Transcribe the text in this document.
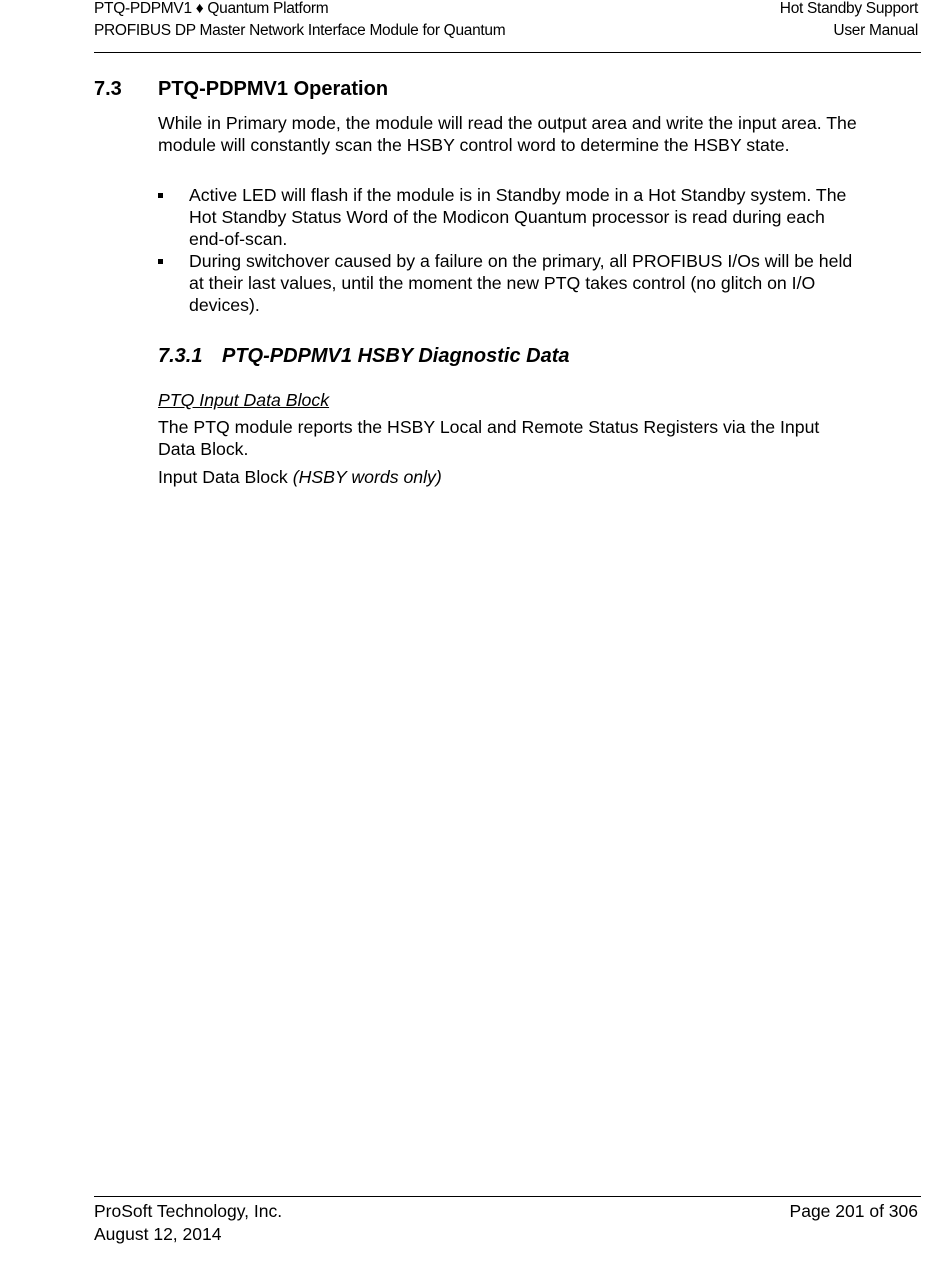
PTQ-PDPMV1 ♦ Quantum Platform	Hot Standby Support
PROFIBUS DP Master Network Interface Module for Quantum	User Manual
7.3 PTQ-PDPMV1 Operation
While in Primary mode, the module will read the output area and write the input area. The module will constantly scan the HSBY control word to determine the HSBY state.
Active LED will flash if the module is in Standby mode in a Hot Standby system. The Hot Standby Status Word of the Modicon Quantum processor is read during each end-of-scan.
During switchover caused by a failure on the primary, all PROFIBUS I/Os will be held at their last values, until the moment the new PTQ takes control (no glitch on I/O devices).
7.3.1 PTQ-PDPMV1 HSBY Diagnostic Data
PTQ Input Data Block
The PTQ module reports the HSBY Local and Remote Status Registers via the Input Data Block.
Input Data Block (HSBY words only)
ProSoft Technology, Inc.	Page 201 of 306
August 12, 2014
